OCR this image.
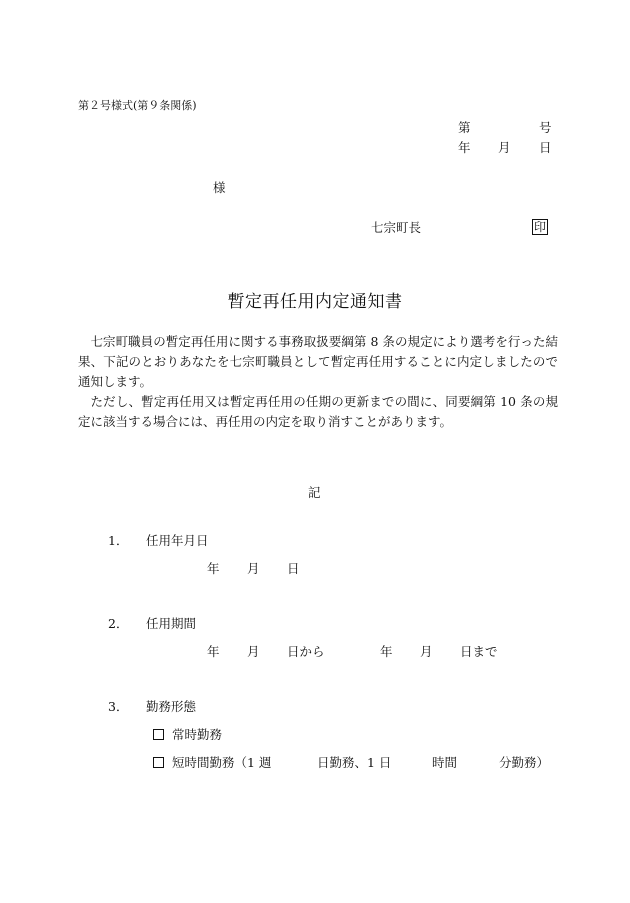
第２号様式(第９条関係)
第	号
年 月 日
様
七宗町長	印
暫定再任用内定通知書

七宗町職員の暫定再任用に関する事務取扱要綱第 8 条の規定により選考を行った結果、下記のとおりあなたを七宗町職員として暫定再任用することに内定しましたので通知します。

ただし、暫定再任用又は暫定再任用の任期の更新までの間に、同要綱第 10 条の規定に該当する場合には、再任用の内定を取り消すことがあります。

記
1． 任用年月日
年 月 日
2． 任用期間
年 月 日から	年 月 日まで
3． 勤務形態
常時勤務
短時間勤務（1 週	日勤務、1 日	時間	分勤務）
